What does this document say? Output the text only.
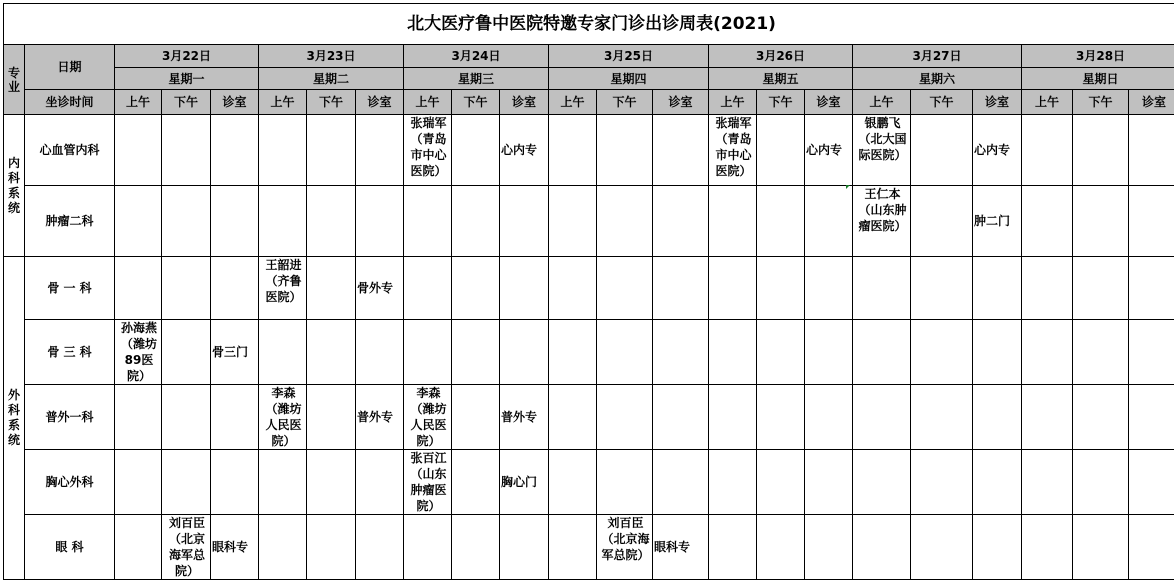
北大医疗鲁中医院特邀专家门诊出诊周表(2021)																						
专业	日期	3月22日			3月23日			3月24日			3月25日			3月26日			3月27日			3月28日		
		星期一			星期二			星期三			星期四			星期五			星期六			星期日		
	坐诊时间	上午	下午	诊室	上午	下午	诊室	上午	下午	诊室	上午	下午	诊室	上午	下午	诊室	上午	下午	诊室	上午	下午	诊室
内科系统	心血管内科							张瑞军（青岛市中心医院）		心内专				张瑞军（青岛市中心医院）		心内专	银鹏飞（北大国际医院）		心内专			

	肿瘤二科																王仁本（山东肿瘤医院）		肿二门			

外科系统	骨 一 科				王韶进（齐鲁医院）		骨外专															

	骨 三 科	孙海燕（潍坊89医院）		骨三门																		

	普外一科				李森（潍坊人民医院）		普外专	李森（潍坊人民医院）		普外专												

	胸心外科							张百江（山东肿瘤医院）		胸心门												

	眼 科		刘百臣（北京海军总院）	眼科专								刘百臣（北京海军总院）	眼科专									
